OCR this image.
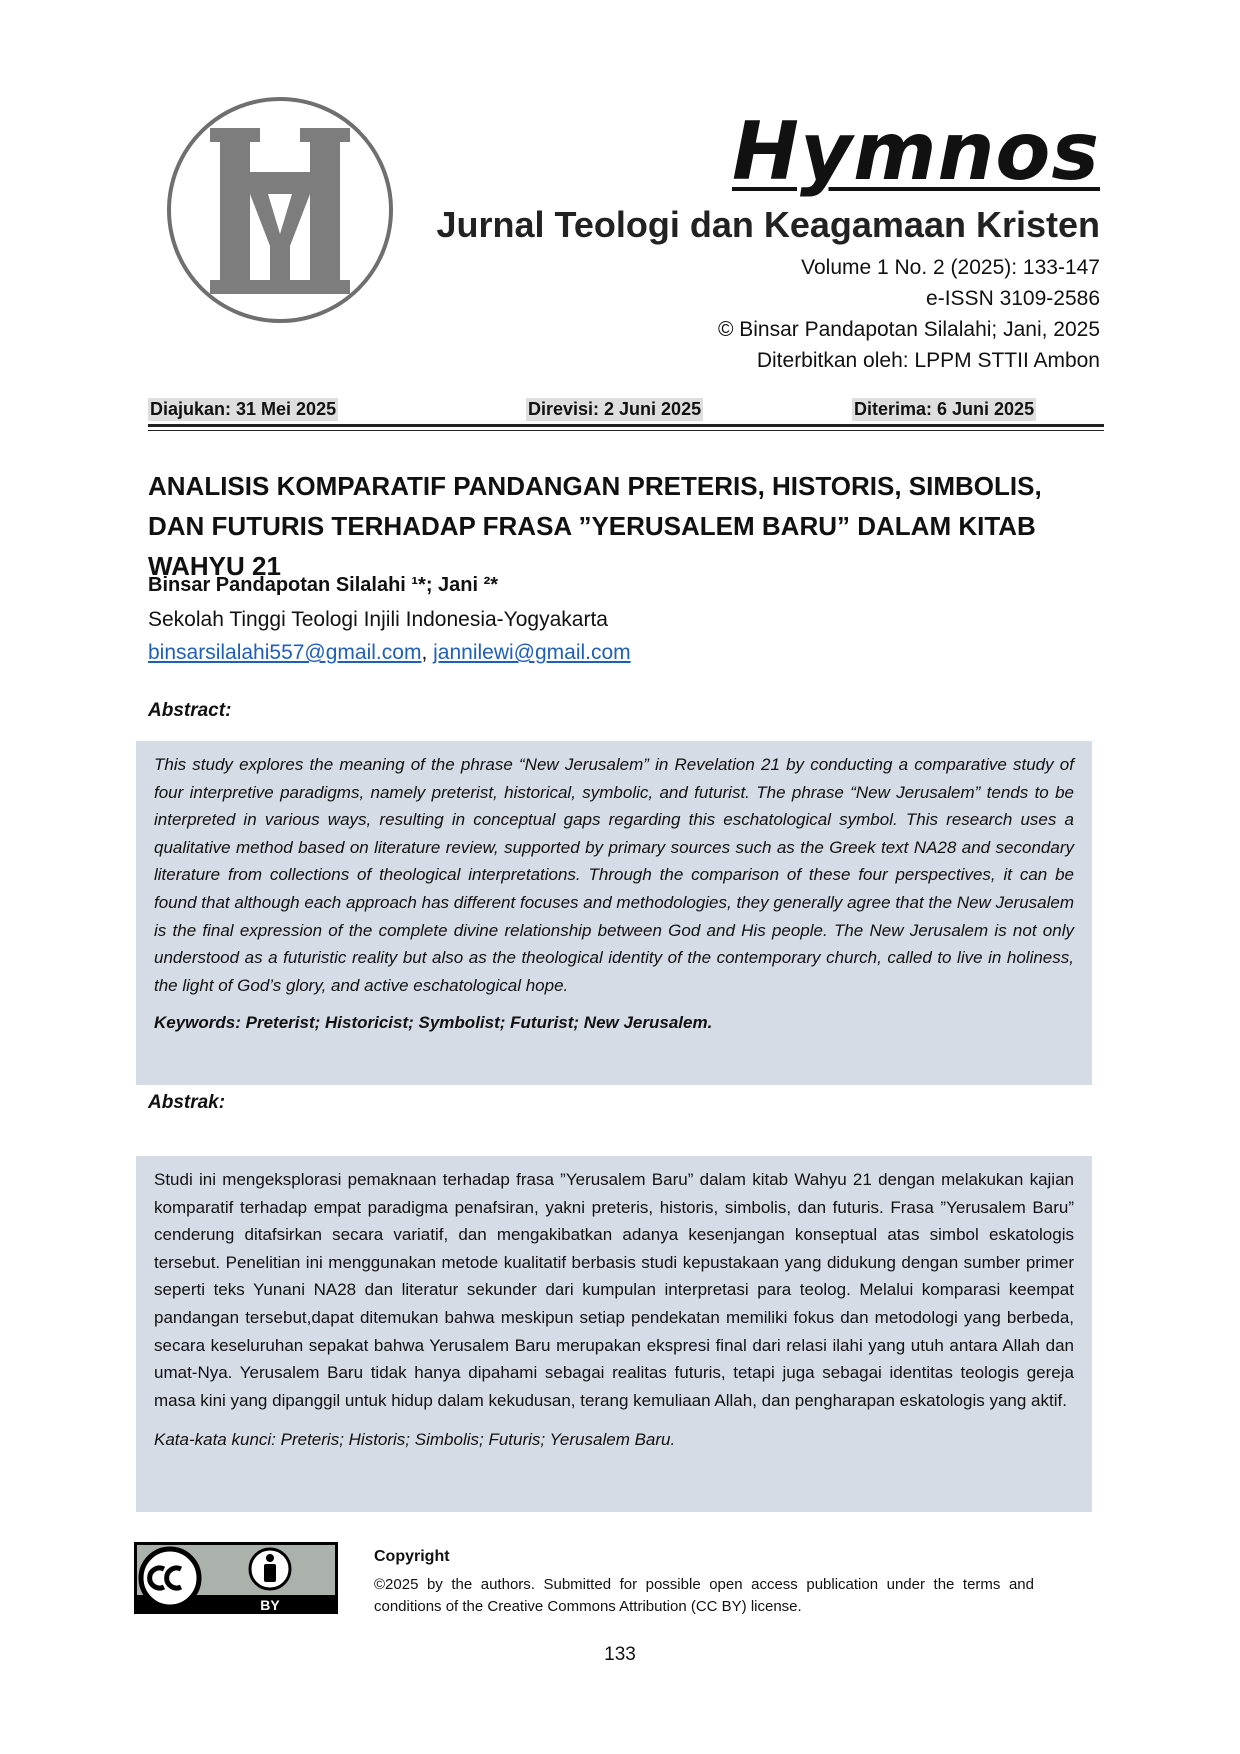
Hymnos
Jurnal Teologi dan Keagamaan Kristen
Volume 1 No. 2 (2025): 133-147
e-ISSN 3109-2586
© Binsar Pandapotan Silalahi; Jani, 2025
Diterbitkan oleh: LPPM STTII Ambon
Diajukan: 31 Mei 2025	Direvisi: 2 Juni 2025	Diterima: 6 Juni 2025
ANALISIS KOMPARATIF PANDANGAN PRETERIS, HISTORIS, SIMBOLIS, DAN FUTURIS TERHADAP FRASA ”YERUSALEM BARU” DALAM KITAB WAHYU 21
Binsar Pandapotan Silalahi ¹*; Jani ²*
Sekolah Tinggi Teologi Injili Indonesia-Yogyakarta
binsarsilalahi557@gmail.com, jannilewi@gmail.com
Abstract:

This study explores the meaning of the phrase “New Jerusalem” in Revelation 21 by conducting a comparative study of four interpretive paradigms, namely preterist, historical, symbolic, and futurist. The phrase “New Jerusalem” tends to be interpreted in various ways, resulting in conceptual gaps regarding this eschatological symbol. This research uses a qualitative method based on literature review, supported by primary sources such as the Greek text NA28 and secondary literature from collections of theological interpretations. Through the comparison of these four perspectives, it can be found that although each approach has different focuses and methodologies, they generally agree that the New Jerusalem is the final expression of the complete divine relationship between God and His people. The New Jerusalem is not only understood as a futuristic reality but also as the theological identity of the contemporary church, called to live in holiness, the light of God’s glory, and active eschatological hope.

Keywords: Preterist; Historicist; Symbolist; Futurist; New Jerusalem.

Abstrak:

Studi ini mengeksplorasi pemaknaan terhadap frasa ”Yerusalem Baru” dalam kitab Wahyu 21 dengan melakukan kajian komparatif terhadap empat paradigma penafsiran, yakni preteris, historis, simbolis, dan futuris. Frasa ”Yerusalem Baru” cenderung ditafsirkan secara variatif, dan mengakibatkan adanya kesenjangan konseptual atas simbol eskatologis tersebut. Penelitian ini menggunakan metode kualitatif berbasis studi kepustakaan yang didukung dengan sumber primer seperti teks Yunani NA28 dan literatur sekunder dari kumpulan interpretasi para teolog. Melalui komparasi keempat pandangan tersebut,dapat ditemukan bahwa meskipun setiap pendekatan memiliki fokus dan metodologi yang berbeda, secara keseluruhan sepakat bahwa Yerusalem Baru merupakan ekspresi final dari relasi ilahi yang utuh antara Allah dan umat-Nya. Yerusalem Baru tidak hanya dipahami sebagai realitas futuris, tetapi juga sebagai identitas teologis gereja masa kini yang dipanggil untuk hidup dalam kekudusan, terang kemuliaan Allah, dan pengharapan eskatologis yang aktif.

Kata-kata kunci: Preteris; Historis; Simbolis; Futuris; Yerusalem Baru.

BY
Copyright
©2025 by the authors. Submitted for possible open access publication under the terms and conditions of the Creative Commons Attribution (CC BY) license.
133
